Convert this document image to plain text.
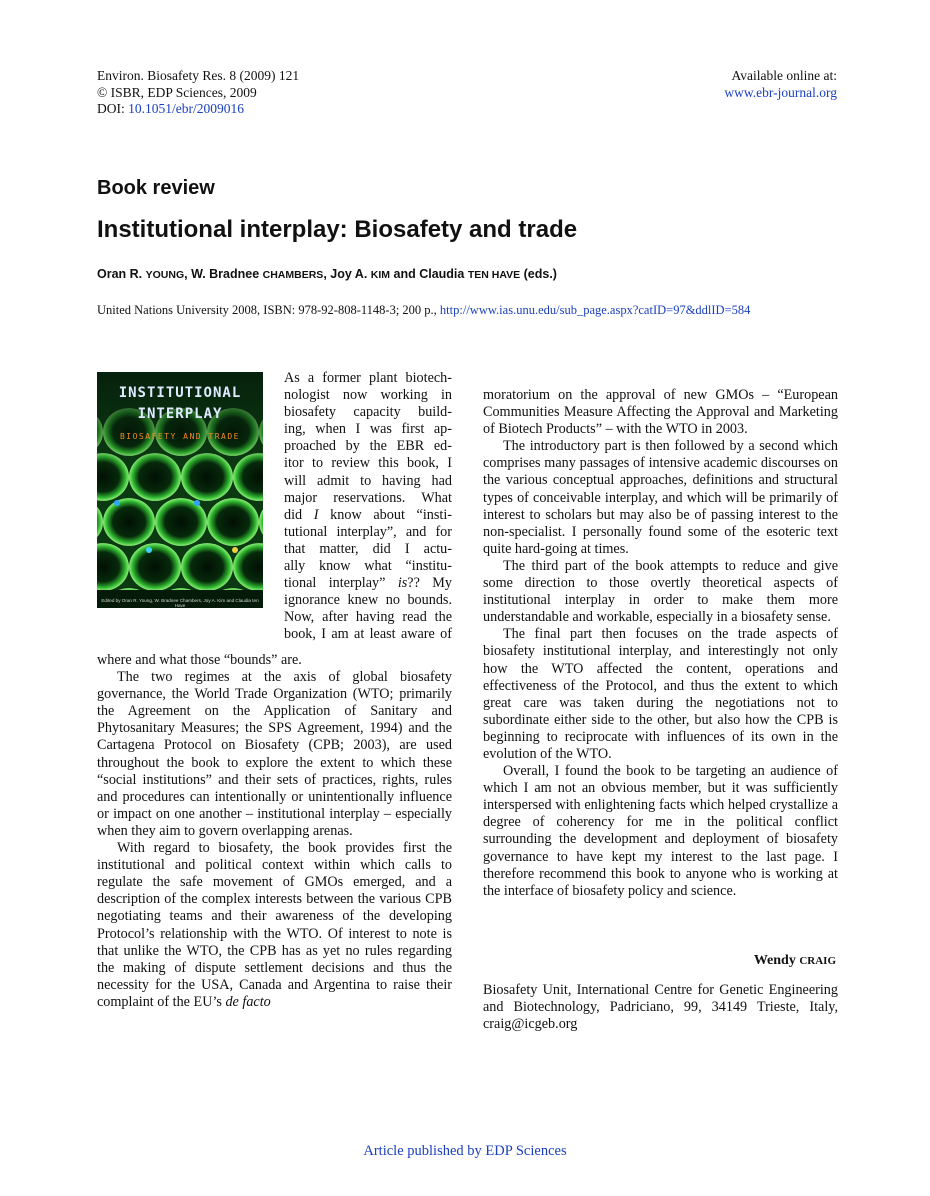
Environ. Biosafety Res. 8 (2009) 121
© ISBR, EDP Sciences, 2009
DOI: 10.1051/ebr/2009016
Available online at:
www.ebr-journal.org
Book review
Institutional interplay: Biosafety and trade
Oran R. YOUNG, W. Bradnee CHAMBERS, Joy A. KIM and Claudia TEN HAVE (eds.)
United Nations University 2008, ISBN: 978-92-808-1148-3; 200 p., http://www.ias.unu.edu/sub_page.aspx?catID=97&ddlID=584
INSTITUTIONAL
INTERPLAY
BIOSAFETY AND TRADE
Edited by Oran R. Young, W. Bradnee Chambers, Joy A. Kim and Claudia ten Have

As a former plant biotech-

nologist now working in

biosafety capacity build-

ing, when I was first ap-

proached by the EBR ed-

itor to review this book, I

will admit to having had

major reservations. What

did I know about “insti-

tutional interplay”, and for

that matter, did I actu-

ally know what “institu-

tional interplay” is?? My

ignorance knew no bounds.

Now, after having read the

book, I am at least aware of

where and what those “bounds” are.

The two regimes at the axis of global biosafety governance, the World Trade Organization (WTO; primarily the Agreement on the Application of Sanitary and Phytosanitary Measures; the SPS Agreement, 1994) and the Cartagena Protocol on Biosafety (CPB; 2003), are used throughout the book to explore the extent to which these “social institutions” and their sets of practices, rights, rules and procedures can intentionally or unintentionally influence or impact on one another – institutional interplay – especially when they aim to govern overlapping arenas.

With regard to biosafety, the book provides first the institutional and political context within which calls to regulate the safe movement of GMOs emerged, and a description of the complex interests between the various CPB negotiating teams and their awareness of the developing Protocol’s relationship with the WTO. Of interest to note is that unlike the WTO, the CPB has as yet no rules regarding the making of dispute settlement decisions and thus the necessity for the USA, Canada and Argentina to raise their complaint of the EU’s de facto

moratorium on the approval of new GMOs – “European Communities Measure Affecting the Approval and Marketing of Biotech Products” – with the WTO in 2003.

The introductory part is then followed by a second which comprises many passages of intensive academic discourses on the various conceptual approaches, definitions and structural types of conceivable interplay, and which will be primarily of interest to scholars but may also be of passing interest to the non-specialist. I personally found some of the esoteric text quite hard-going at times.

The third part of the book attempts to reduce and give some direction to those overtly theoretical aspects of institutional interplay in order to make them more understandable and workable, especially in a biosafety sense.

The final part then focuses on the trade aspects of biosafety institutional interplay, and interestingly not only how the WTO affected the content, operations and effectiveness of the Protocol, and thus the extent to which great care was taken during the negotiations not to subordinate either side to the other, but also how the CPB is beginning to reciprocate with influences of its own in the evolution of the WTO.

Overall, I found the book to be targeting an audience of which I am not an obvious member, but it was sufficiently interspersed with enlightening facts which helped crystallize a degree of coherency for me in the political conflict surrounding the development and deployment of biosafety governance to have kept my interest to the last page. I therefore recommend this book to anyone who is working at the interface of biosafety policy and science.

Wendy CRAIG

Biosafety Unit, International Centre for Genetic Engineering and Biotechnology, Padriciano, 99, 34149 Trieste, Italy, craig@icgeb.org

Article published by EDP Sciences
